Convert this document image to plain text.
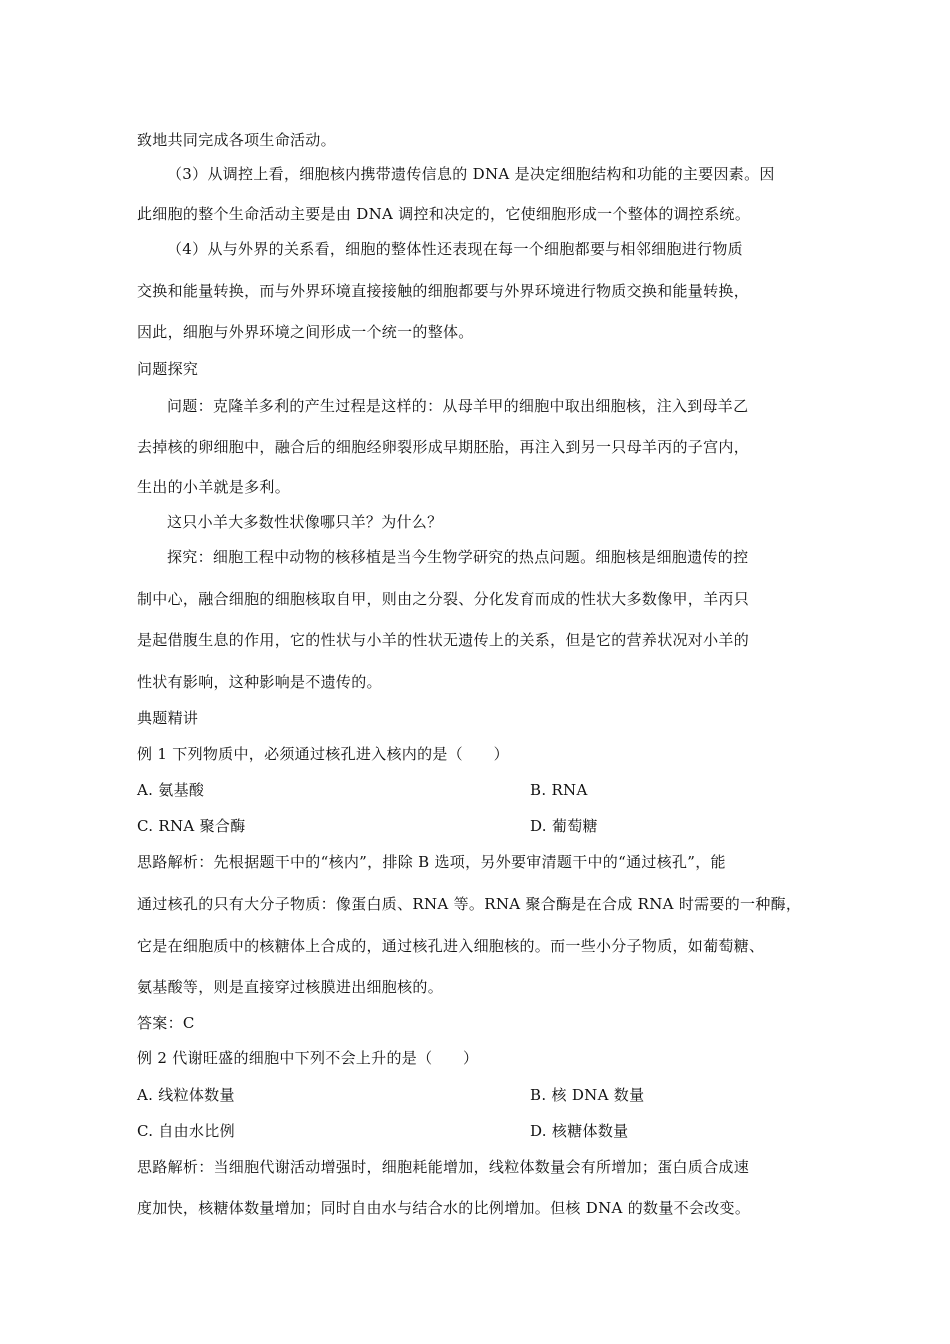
致地共同完成各项生命活动。
（3）从调控上看，细胞核内携带遗传信息的 DNA 是决定细胞结构和功能的主要因素。因
此细胞的整个生命活动主要是由 DNA 调控和决定的，它使细胞形成一个整体的调控系统。
（4）从与外界的关系看，细胞的整体性还表现在每一个细胞都要与相邻细胞进行物质
交换和能量转换，而与外界环境直接接触的细胞都要与外界环境进行物质交换和能量转换，
因此，细胞与外界环境之间形成一个统一的整体。
问题探究
问题：克隆羊多利的产生过程是这样的：从母羊甲的细胞中取出细胞核，注入到母羊乙
去掉核的卵细胞中，融合后的细胞经卵裂形成早期胚胎，再注入到另一只母羊丙的子宫内，
生出的小羊就是多利。
这只小羊大多数性状像哪只羊？为什么？
探究：细胞工程中动物的核移植是当今生物学研究的热点问题。细胞核是细胞遗传的控
制中心，融合细胞的细胞核取自甲，则由之分裂、分化发育而成的性状大多数像甲，羊丙只
是起借腹生息的作用，它的性状与小羊的性状无遗传上的关系，但是它的营养状况对小羊的
性状有影响，这种影响是不遗传的。
典题精讲
例 1 下列物质中，必须通过核孔进入核内的是（　　）
A. 氨基酸	B. RNA
C. RNA 聚合酶	D. 葡萄糖
思路解析：先根据题干中的“核内”，排除 B 选项，另外要审清题干中的“通过核孔”，能
通过核孔的只有大分子物质：像蛋白质、RNA 等。RNA 聚合酶是在合成 RNA 时需要的一种酶，
它是在细胞质中的核糖体上合成的，通过核孔进入细胞核的。而一些小分子物质，如葡萄糖、
氨基酸等，则是直接穿过核膜进出细胞核的。
答案：C
例 2 代谢旺盛的细胞中下列不会上升的是（　　）
A. 线粒体数量	B. 核 DNA 数量
C. 自由水比例	D. 核糖体数量
思路解析：当细胞代谢活动增强时，细胞耗能增加，线粒体数量会有所增加；蛋白质合成速
度加快，核糖体数量增加；同时自由水与结合水的比例增加。但核 DNA 的数量不会改变。
